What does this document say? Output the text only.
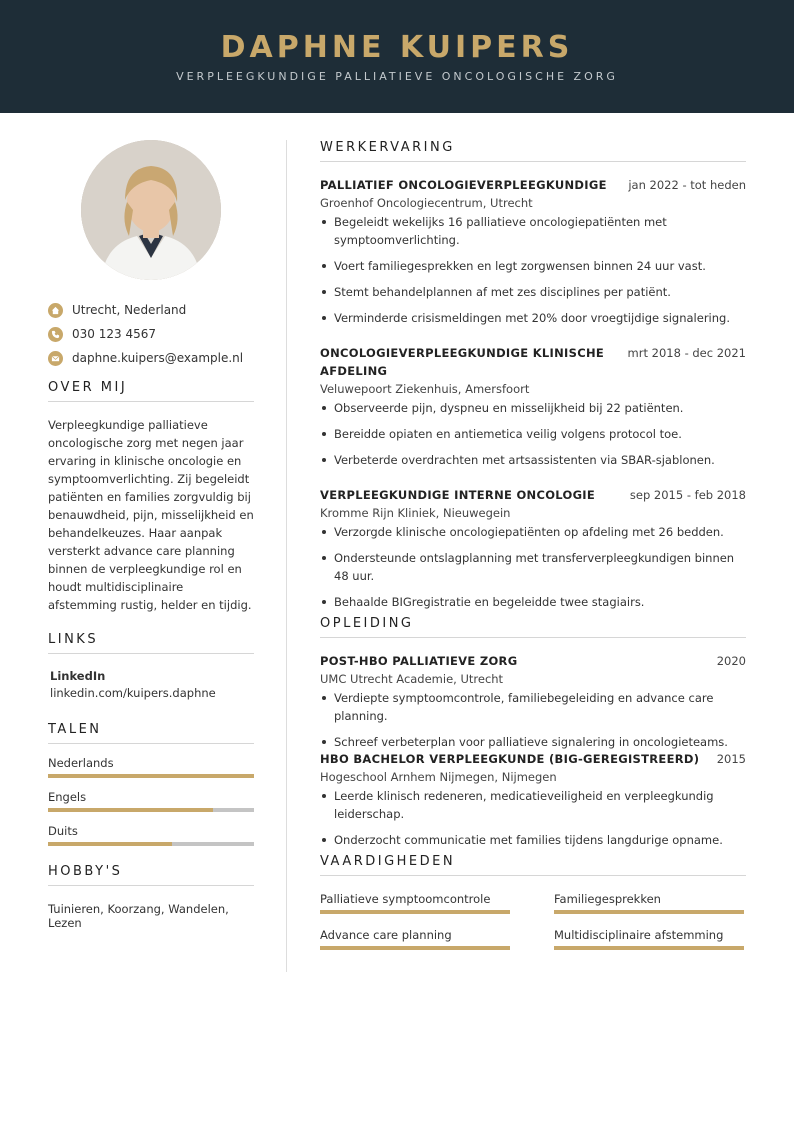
DAPHNE KUIPERS
VERPLEEGKUNDIGE PALLIATIEVE ONCOLOGISCHE ZORG
Utrecht, Nederland
030 123 4567
daphne.kuipers@example.nl
OVER MIJ
Verpleegkundige palliatieve oncologische zorg met negen jaar ervaring in klinische oncologie en symptoomverlichting. Zij begeleidt patiënten en families zorgvuldig bij benauwdheid, pijn, misselijkheid en behandelkeuzes. Haar aanpak versterkt advance care planning binnen de verpleegkundige rol en houdt multidisciplinaire afstemming rustig, helder en tijdig.
LINKS
LinkedIn
linkedin.com/kuipers.daphne
TALEN
Nederlands
Engels
Duits
HOBBY'S
Tuinieren, Koorzang, Wandelen, Lezen
WERKERVARING
PALLIATIEF ONCOLOGIEVERPLEEGKUNDIGE jan 2022 - tot heden
Groenhof Oncologiecentrum, Utrecht
Begeleidt wekelijks 16 palliatieve oncologiepatiënten met symptoomverlichting.
Voert familiegesprekken en legt zorgwensen binnen 24 uur vast.
Stemt behandelplannen af met zes disciplines per patiënt.
Verminderde crisismeldingen met 20% door vroegtijdige signalering.
ONCOLOGIEVERPLEEGKUNDIGE KLINISCHE AFDELING
mrt 2018 - dec 2021
Veluwepoort Ziekenhuis, Amersfoort
Observeerde pijn, dyspneu en misselijkheid bij 22 patiënten.
Bereidde opiaten en antiemetica veilig volgens protocol toe.
Verbeterde overdrachten met artsassistenten via SBAR-sjablonen.
VERPLEEGKUNDIGE INTERNE ONCOLOGIE	sep 2015 - feb 2018
Kromme Rijn Kliniek, Nieuwegein
Verzorgde klinische oncologiepatiënten op afdeling met 26 bedden.
Ondersteunde ontslagplanning met transferverpleegkundigen binnen 48 uur.
Behaalde BIGregistratie en begeleidde twee stagiairs.
OPLEIDING
POST-HBO PALLIATIEVE ZORG	2020
UMC Utrecht Academie, Utrecht
Verdiepte symptoomcontrole, familiebegeleiding en advance care planning.
Schreef verbeterplan voor palliatieve signalering in oncologieteams.
HBO BACHELOR VERPLEEGKUNDE (BIG-GEREGISTREERD) 2015
Hogeschool Arnhem Nijmegen, Nijmegen
Leerde klinisch redeneren, medicatieveiligheid en verpleegkundig leiderschap.
Onderzocht communicatie met families tijdens langdurige opname.
VAARDIGHEDEN
Palliatieve symptoomcontrole	Familiegesprekken
Advance care planning	Multidisciplinaire afstemming
